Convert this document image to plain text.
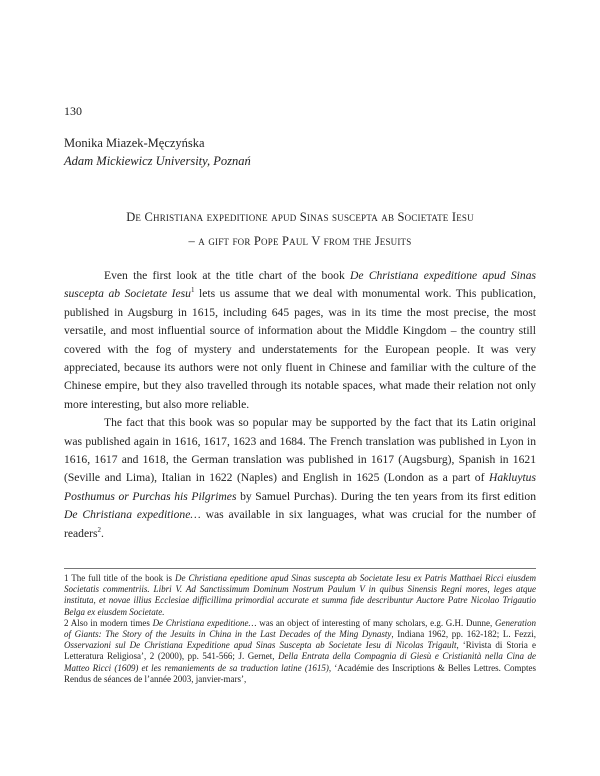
130
Monika Miazek-Męczyńska
Adam Mickiewicz University, Poznań
De Christiana expeditione apud Sinas suscepta ab Societate Iesu
– a gift for Pope Paul V from the Jesuits

Even the first look at the title chart of the book De Christiana expeditione apud Sinas suscepta ab Societate Iesu$^1$ lets us assume that we deal with monumental work. This publication, published in Augsburg in 1615, including 645 pages, was in its time the most precise, the most versatile, and most influential source of information about the Middle Kingdom – the country still covered with the fog of mystery and understatements for the European people. It was very appreciated, because its authors were not only fluent in Chinese and familiar with the culture of the Chinese empire, but they also travelled through its notable spaces, what made their relation not only more interesting, but also more reliable.

The fact that this book was so popular may be supported by the fact that its Latin original was published again in 1616, 1617, 1623 and 1684. The French translation was published in Lyon in 1616, 1617 and 1618, the German translation was published in 1617 (Augsburg), Spanish in 1621 (Seville and Lima), Italian in 1622 (Naples) and English in 1625 (London as a part of Hakluytus Posthumus or Purchas his Pilgrimes by Samuel Purchas). During the ten years from its first edition De Christiana expeditione… was available in six languages, what was crucial for the number of readers$^2$.

1 The full title of the book is De Christiana epeditione apud Sinas suscepta ab Societate Iesu ex Patris Matthaei Ricci eiusdem Societatis commentriis. Libri V. Ad Sanctissimum Dominum Nostrum Paulum V in quibus Sinensis Regni mores, leges atque instituta, et novae illius Ecclesiae difficillima primordial accurate et summa fide describuntur Auctore Patre Nicolao Trigautio Belga ex eiusdem Societate.

2 Also in modern times De Christiana expeditione… was an object of interesting of many scholars, e.g. G.H. Dunne, Generation of Giants: The Story of the Jesuits in China in the Last Decades of the Ming Dynasty, Indiana 1962, pp. 162-182; L. Fezzi, Osservazioni sul De Christiana Expeditione apud Sinas Suscepta ab Societate Iesu di Nicolas Trigault, ‘Rivista di Storia e Letteratura Religiosa’, 2 (2000), pp. 541-566; J. Gernet, Della Entrata della Compagnia di Giesù e Cristianità nella Cina de Matteo Ricci (1609) et les remaniements de sa traduction latine (1615), ‘Académie des Inscriptions & Belles Lettres. Comptes Rendus de séances de l’année 2003, janvier-mars’,
